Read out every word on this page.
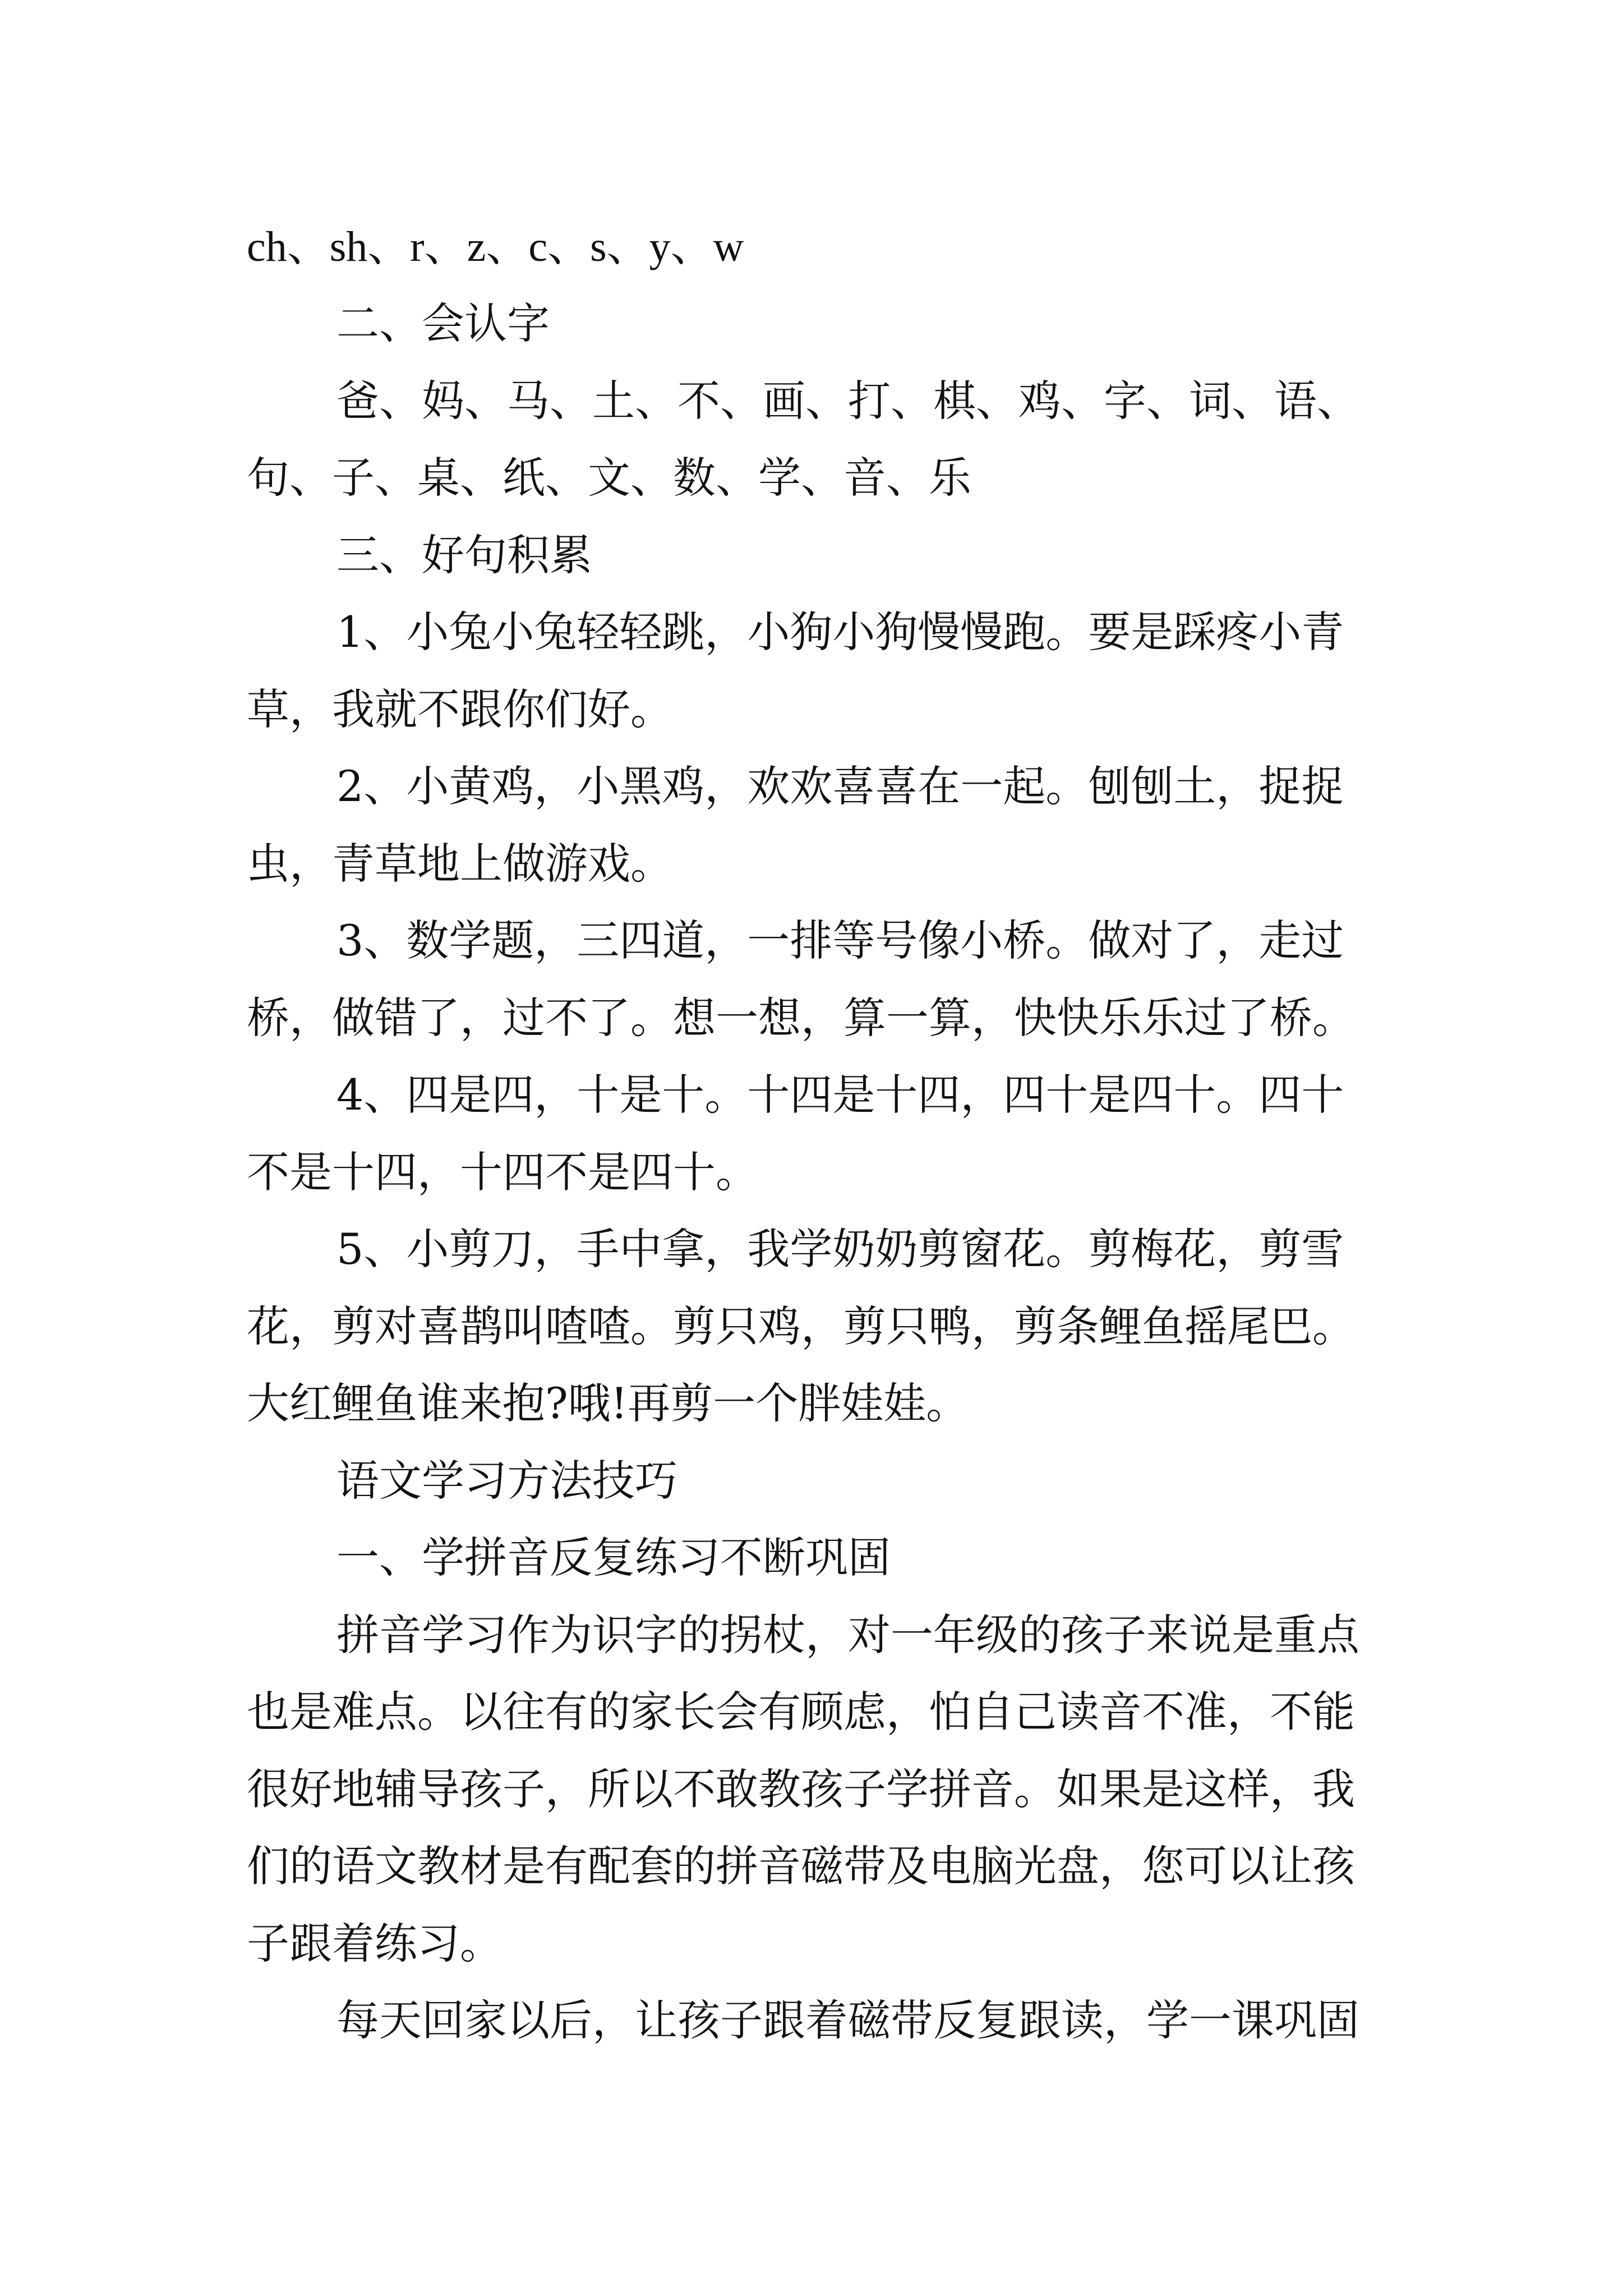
ch、sh、r、z、c、s、y、w
二、会认字
爸、妈、马、土、不、画、打、棋、鸡、字、词、语、
句、子、桌、纸、文、数、学、音、乐
三、好句积累
1、小兔小兔轻轻跳，小狗小狗慢慢跑。要是踩疼小青
草，我就不跟你们好。
2、小黄鸡，小黑鸡，欢欢喜喜在一起。刨刨土，捉捉
虫，青草地上做游戏。
3、数学题，三四道，一排等号像小桥。做对了，走过
桥，做错了，过不了。想一想，算一算，快快乐乐过了桥。
4、四是四，十是十。十四是十四，四十是四十。四十
不是十四，十四不是四十。
5、小剪刀，手中拿，我学奶奶剪窗花。剪梅花，剪雪
花，剪对喜鹊叫喳喳。剪只鸡，剪只鸭，剪条鲤鱼摇尾巴。
大红鲤鱼谁来抱?哦!再剪一个胖娃娃。
语文学习方法技巧
一、学拼音反复练习不断巩固
拼音学习作为识字的拐杖，对一年级的孩子来说是重点
也是难点。以往有的家长会有顾虑，怕自己读音不准，不能
很好地辅导孩子，所以不敢教孩子学拼音。如果是这样，我
们的语文教材是有配套的拼音磁带及电脑光盘，您可以让孩
子跟着练习。
每天回家以后，让孩子跟着磁带反复跟读，学一课巩固
